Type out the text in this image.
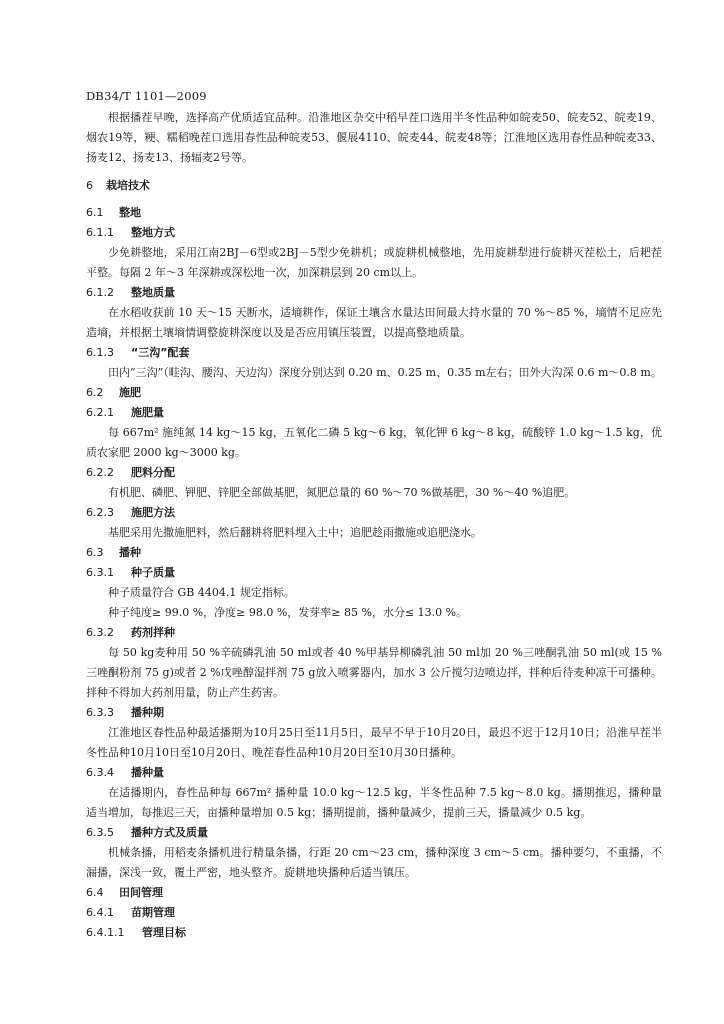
DB34/T 1101—2009

根据播茬早晚，选择高产优质适宜品种。沿淮地区杂交中稻早茬口选用半冬性品种如皖麦50、皖麦52、皖麦19、烟农19等，粳、糯稻晚茬口选用春性品种皖麦53、偃展4110、皖麦44、皖麦48等；江淮地区选用春性品种皖麦33、扬麦12、扬麦13、扬辐麦2号等。

6	栽培技术
6.1	整地
6.1.1	整地方式

少免耕整地，采用江南2BJ－6型或2BJ－5型少免耕机；或旋耕机械整地，先用旋耕犁进行旋耕灭茬松土，后耙茬平整。每隔 2 年～3 年深耕或深松地一次，加深耕层到 20 cm以上。

6.1.2	整地质量

在水稻收获前 10 天～15 天断水，适墒耕作，保证土壤含水量达田间最大持水量的 70 %～85 %，墒情不足应先造墒，并根据土壤墒情调整旋耕深度以及是否应用镇压装置，以提高整地质量。

6.1.3	“三沟”配套

田内“三沟”（畦沟、腰沟、天边沟）深度分别达到 0.20 m、0.25 m、0.35 m左右；田外大沟深 0.6 m～0.8 m。

6.2	施肥
6.2.1	施肥量

每 667m² 施纯氮 14 kg～15 kg，五氧化二磷 5 kg～6 kg，氧化钾 6 kg～8 kg，硫酸锌 1.0 kg～1.5 kg，优质农家肥 2000 kg～3000 kg。

6.2.2	肥料分配

有机肥、磷肥、钾肥、锌肥全部做基肥，氮肥总量的 60 %～70 %做基肥，30 %～40 %追肥。

6.2.3	施肥方法

基肥采用先撒施肥料，然后翻耕将肥料埋入土中；追肥趁雨撒施或追肥浇水。

6.3	播种
6.3.1	种子质量

种子质量符合 GB 4404.1 规定指标。

种子纯度≥ 99.0 %，净度≥ 98.0 %，发芽率≥ 85 %，水分≤ 13.0 %。

6.3.2	药剂拌种

每 50 kg麦种用 50 %辛硫磷乳油 50 ml或者 40 %甲基异柳磷乳油 50 ml加 20 %三唑酮乳油 50 ml(或 15 %三唑酮粉剂 75 g)或者 2 %戊唑醇湿拌剂 75 g放入喷雾器内，加水 3 公斤搅匀边喷边拌，拌种后待麦种凉干可播种。拌种不得加大药剂用量，防止产生药害。

6.3.3	播种期

江淮地区春性品种最适播期为10月25日至11月5日，最早不早于10月20日，最迟不迟于12月10日；沿淮早茬半冬性品种10月10日至10月20日、晚茬春性品种10月20日至10月30日播种。

6.3.4	播种量

在适播期内，春性品种每 667m² 播种量 10.0 kg～12.5 kg，半冬性品种 7.5 kg～8.0 kg。播期推迟，播种量适当增加，每推迟三天，亩播种量增加 0.5 kg；播期提前，播种量减少，提前三天，播量减少 0.5 kg。

6.3.5	播种方式及质量

机械条播，用稻麦条播机进行精量条播，行距 20 cm～23 cm，播种深度 3 cm～5 cm。播种要匀，不重播，不漏播，深浅一致，覆土严密，地头整齐。旋耕地块播种后适当镇压。

6.4	田间管理
6.4.1	苗期管理
6.4.1.1	管理目标
